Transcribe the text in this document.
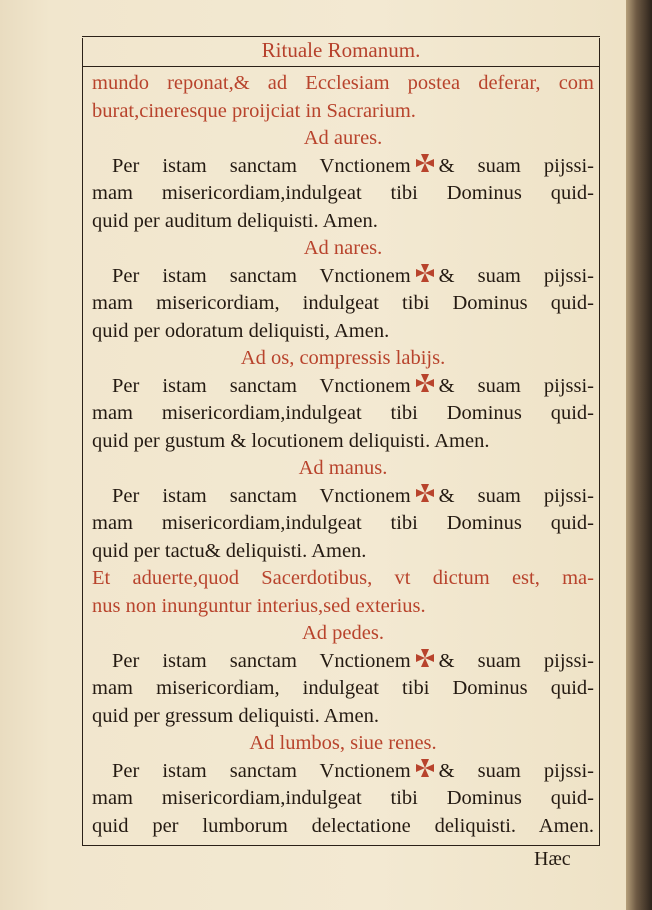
Rituale Romanum.
mundo reponat,& ad Ecclesiam postea deferar, com
burat,cineresque proijciat in Sacrarium.
Ad aures.
Per istam sanctam Vnctionem & suam pijssi-
mam misericordiam,indulgeat tibi Dominus quid-
quid per auditum deliquisti. Amen.
Ad nares.
Per istam sanctam Vnctionem & suam pijssi-
mam misericordiam, indulgeat tibi Dominus quid-
quid per odoratum deliquisti, Amen.
Ad os, compressis labijs.
Per istam sanctam Vnctionem & suam pijssi-
mam misericordiam,indulgeat tibi Dominus quid-
quid per gustum & locutionem deliquisti. Amen.
Ad manus.
Per istam sanctam Vnctionem & suam pijssi-
mam misericordiam,indulgeat tibi Dominus quid-
quid per tactu& deliquisti. Amen.
Et aduerte,quod Sacerdotibus, vt dictum est, ma-
nus non inunguntur interius,sed exterius.
Ad pedes.
Per istam sanctam Vnctionem & suam pijssi-
mam misericordiam, indulgeat tibi Dominus quid-
quid per gressum deliquisti. Amen.
Ad lumbos, siue renes.
Per istam sanctam Vnctionem & suam pijssi-
mam misericordiam,indulgeat tibi Dominus quid-
quid per lumborum delectatione deliquisti. Amen.
Hæc
